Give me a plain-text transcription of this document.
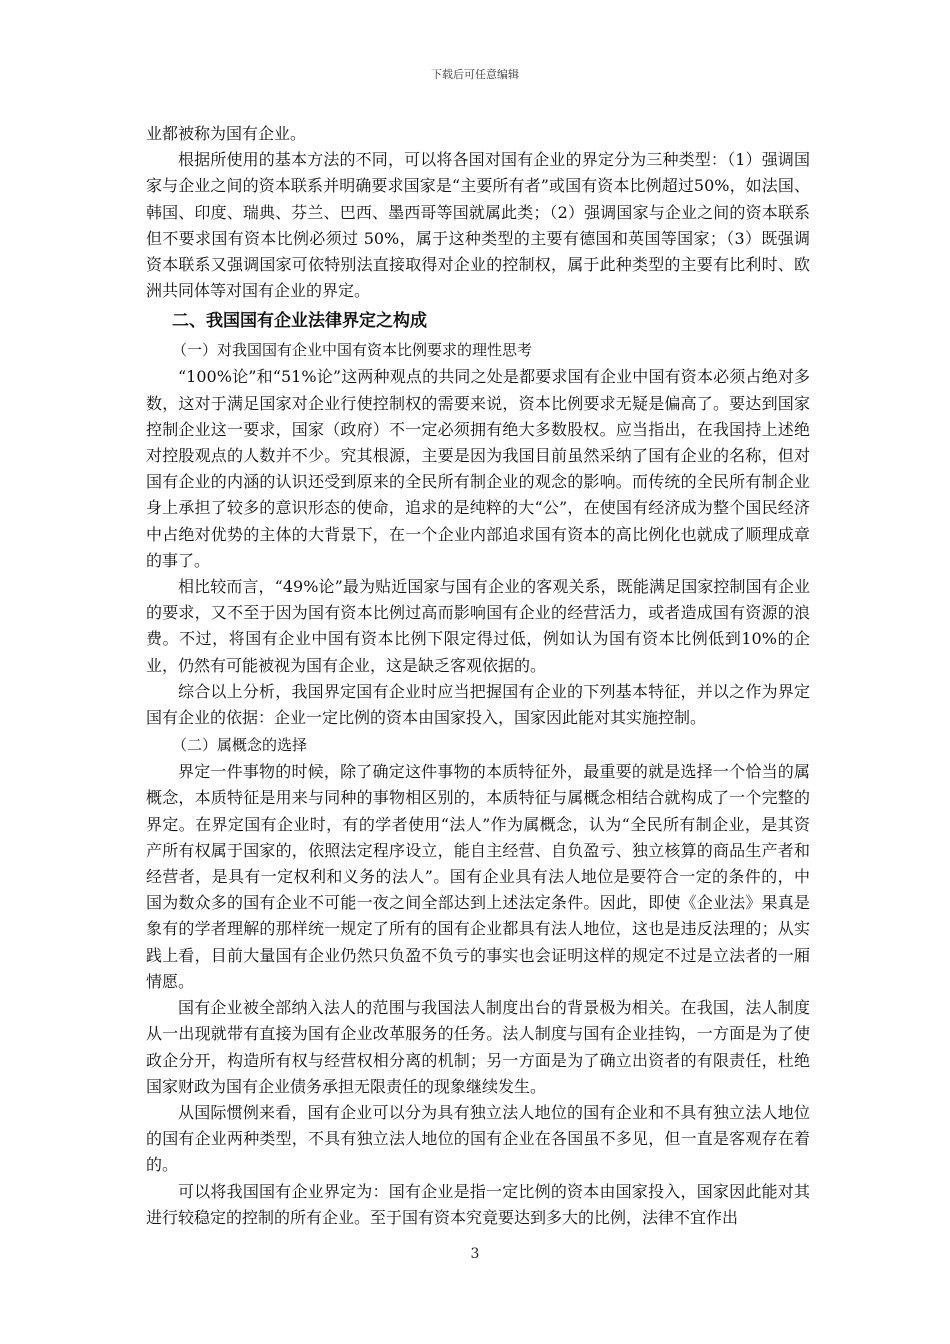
下载后可任意编辑

业都被称为国有企业。

根据所使用的基本方法的不同，可以将各国对国有企业的界定分为三种类型：（1）强调国家与企业之间的资本联系并明确要求国家是“主要所有者”或国有资本比例超过50%，如法国、韩国、印度、瑞典、芬兰、巴西、墨西哥等国就属此类；（2）强调国家与企业之间的资本联系但不要求国有资本比例必须过 50%，属于这种类型的主要有德国和英国等国家；（3）既强调资本联系又强调国家可依特别法直接取得对企业的控制权，属于此种类型的主要有比利时、欧洲共同体等对国有企业的界定。

二、我国国有企业法律界定之构成
（一）对我国国有企业中国有资本比例要求的理性思考

“100%论”和“51%论”这两种观点的共同之处是都要求国有企业中国有资本必须占绝对多数，这对于满足国家对企业行使控制权的需要来说，资本比例要求无疑是偏高了。要达到国家控制企业这一要求，国家（政府）不一定必须拥有绝大多数股权。应当指出，在我国持上述绝对控股观点的人数并不少。究其根源，主要是因为我国目前虽然采纳了国有企业的名称，但对国有企业的内涵的认识还受到原来的全民所有制企业的观念的影响。而传统的全民所有制企业身上承担了较多的意识形态的使命，追求的是纯粹的大“公”，在使国有经济成为整个国民经济中占绝对优势的主体的大背景下，在一个企业内部追求国有资本的高比例化也就成了顺理成章的事了。

相比较而言，“49%论”最为贴近国家与国有企业的客观关系，既能满足国家控制国有企业的要求，又不至于因为国有资本比例过高而影响国有企业的经营活力，或者造成国有资源的浪费。不过，将国有企业中国有资本比例下限定得过低，例如认为国有资本比例低到10%的企业，仍然有可能被视为国有企业，这是缺乏客观依据的。

综合以上分析，我国界定国有企业时应当把握国有企业的下列基本特征，并以之作为界定国有企业的依据：企业一定比例的资本由国家投入，国家因此能对其实施控制。

（二）属概念的选择

界定一件事物的时候，除了确定这件事物的本质特征外，最重要的就是选择一个恰当的属概念，本质特征是用来与同种的事物相区别的，本质特征与属概念相结合就构成了一个完整的界定。在界定国有企业时，有的学者使用“法人”作为属概念，认为“全民所有制企业，是其资产所有权属于国家的，依照法定程序设立，能自主经营、自负盈亏、独立核算的商品生产者和经营者，是具有一定权利和义务的法人”。国有企业具有法人地位是要符合一定的条件的，中国为数众多的国有企业不可能一夜之间全部达到上述法定条件。因此，即使《企业法》果真是象有的学者理解的那样统一规定了所有的国有企业都具有法人地位，这也是违反法理的；从实践上看，目前大量国有企业仍然只负盈不负亏的事实也会证明这样的规定不过是立法者的一厢情愿。

国有企业被全部纳入法人的范围与我国法人制度出台的背景极为相关。在我国，法人制度从一出现就带有直接为国有企业改革服务的任务。法人制度与国有企业挂钩，一方面是为了使政企分开，构造所有权与经营权相分离的机制；另一方面是为了确立出资者的有限责任，杜绝国家财政为国有企业债务承担无限责任的现象继续发生。

从国际惯例来看，国有企业可以分为具有独立法人地位的国有企业和不具有独立法人地位的国有企业两种类型，不具有独立法人地位的国有企业在各国虽不多见，但一直是客观存在着的。

可以将我国国有企业界定为：国有企业是指一定比例的资本由国家投入，国家因此能对其进行较稳定的控制的所有企业。至于国有资本究竟要达到多大的比例，法律不宜作出

3
